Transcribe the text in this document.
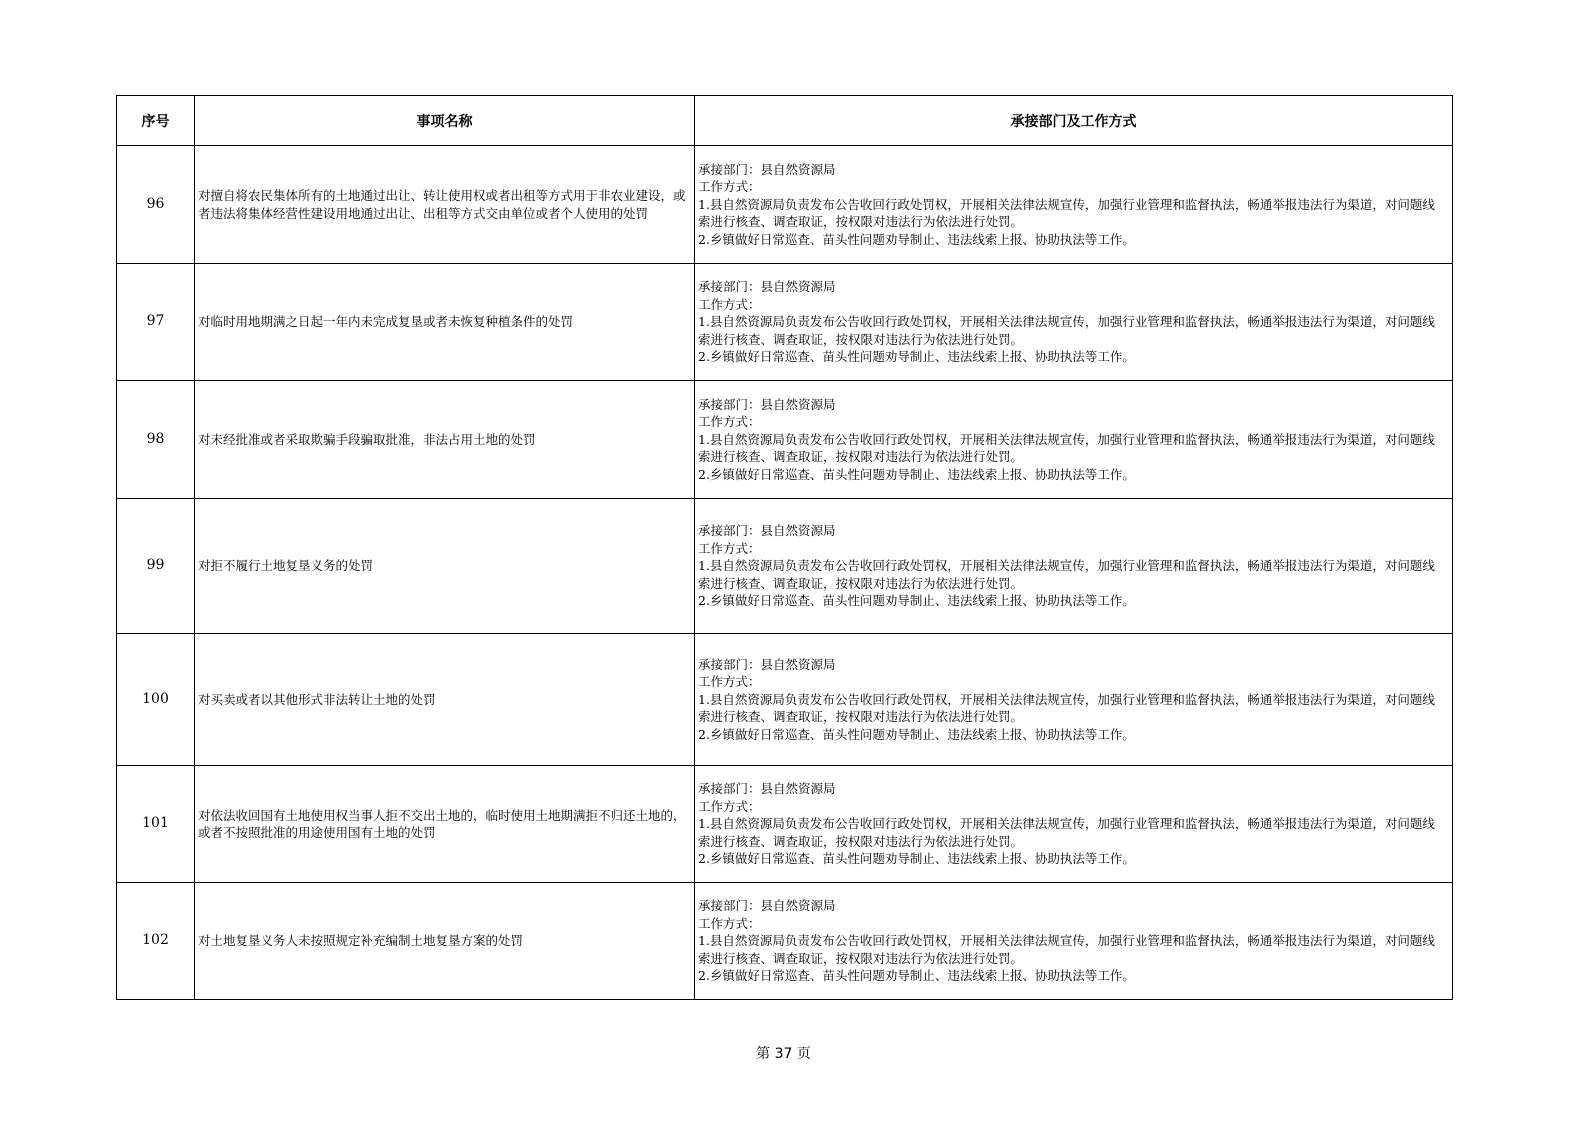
序号	事项名称	承接部门及工作方式
96	对擅自将农民集体所有的土地通过出让、转让使用权或者出租等方式用于非农业建设，或者违法将集体经营性建设用地通过出让、出租等方式交由单位或者个人使用的处罚	承接部门：县自然资源局
工作方式：
1.县自然资源局负责发布公告收回行政处罚权，开展相关法律法规宣传，加强行业管理和监督执法，畅通举报违法行为渠道，对问题线索进行核查、调查取证，按权限对违法行为依法进行处罚。
2.乡镇做好日常巡查、苗头性问题劝导制止、违法线索上报、协助执法等工作。

97	对临时用地期满之日起一年内未完成复垦或者未恢复种植条件的处罚	承接部门：县自然资源局
工作方式：
1.县自然资源局负责发布公告收回行政处罚权，开展相关法律法规宣传，加强行业管理和监督执法，畅通举报违法行为渠道，对问题线索进行核查、调查取证，按权限对违法行为依法进行处罚。
2.乡镇做好日常巡查、苗头性问题劝导制止、违法线索上报、协助执法等工作。

98	对未经批准或者采取欺骗手段骗取批准，非法占用土地的处罚	承接部门：县自然资源局
工作方式：
1.县自然资源局负责发布公告收回行政处罚权，开展相关法律法规宣传，加强行业管理和监督执法，畅通举报违法行为渠道，对问题线索进行核查、调查取证，按权限对违法行为依法进行处罚。
2.乡镇做好日常巡查、苗头性问题劝导制止、违法线索上报、协助执法等工作。

99	对拒不履行土地复垦义务的处罚	承接部门：县自然资源局
工作方式：
1.县自然资源局负责发布公告收回行政处罚权，开展相关法律法规宣传，加强行业管理和监督执法，畅通举报违法行为渠道，对问题线索进行核查、调查取证，按权限对违法行为依法进行处罚。
2.乡镇做好日常巡查、苗头性问题劝导制止、违法线索上报、协助执法等工作。

100	对买卖或者以其他形式非法转让土地的处罚	承接部门：县自然资源局
工作方式：
1.县自然资源局负责发布公告收回行政处罚权，开展相关法律法规宣传，加强行业管理和监督执法，畅通举报违法行为渠道，对问题线索进行核查、调查取证，按权限对违法行为依法进行处罚。
2.乡镇做好日常巡查、苗头性问题劝导制止、违法线索上报、协助执法等工作。

101	对依法收回国有土地使用权当事人拒不交出土地的，临时使用土地期满拒不归还土地的，或者不按照批准的用途使用国有土地的处罚	承接部门：县自然资源局
工作方式：
1.县自然资源局负责发布公告收回行政处罚权，开展相关法律法规宣传，加强行业管理和监督执法，畅通举报违法行为渠道，对问题线索进行核查、调查取证，按权限对违法行为依法进行处罚。
2.乡镇做好日常巡查、苗头性问题劝导制止、违法线索上报、协助执法等工作。

102	对土地复垦义务人未按照规定补充编制土地复垦方案的处罚	承接部门：县自然资源局
工作方式：
1.县自然资源局负责发布公告收回行政处罚权，开展相关法律法规宣传，加强行业管理和监督执法，畅通举报违法行为渠道，对问题线索进行核查、调查取证，按权限对违法行为依法进行处罚。
2.乡镇做好日常巡查、苗头性问题劝导制止、违法线索上报、协助执法等工作。
第 37 页
